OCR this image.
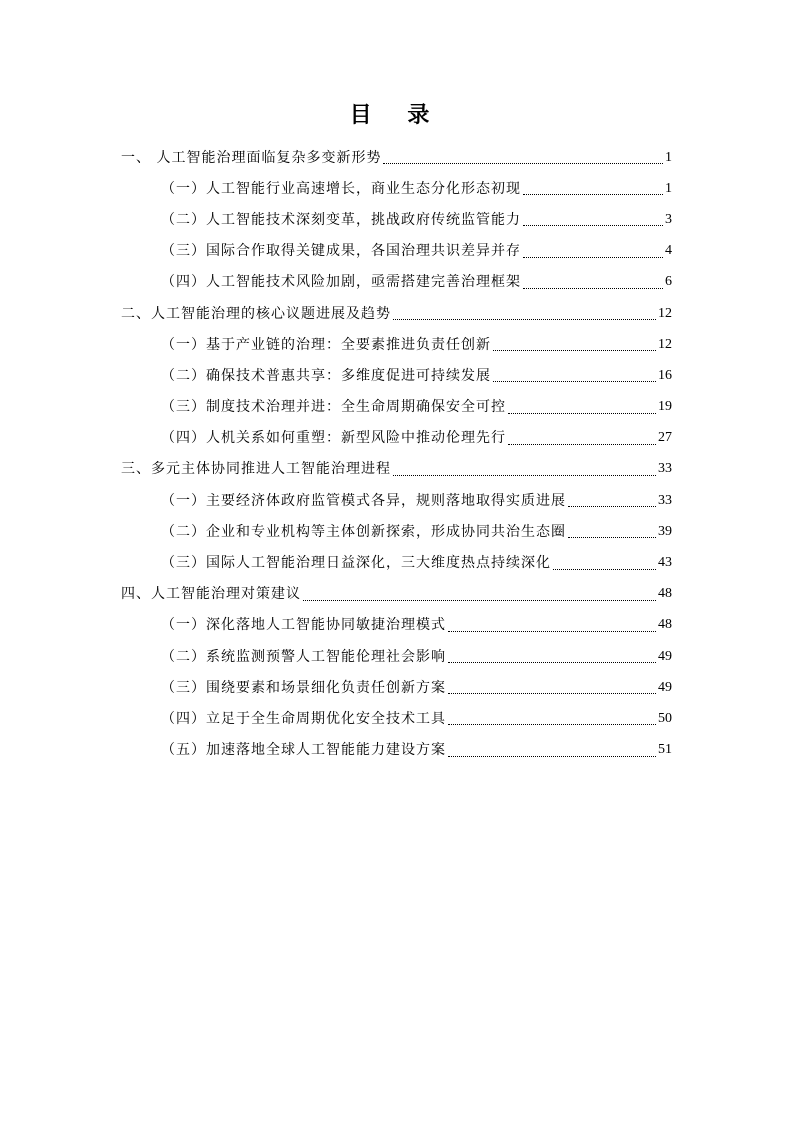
目 录
一、 人工智能治理面临复杂多变新形势	1
（一）人工智能行业高速增长，商业生态分化形态初现	1
（二）人工智能技术深刻变革，挑战政府传统监管能力	3
（三）国际合作取得关键成果，各国治理共识差异并存	4
（四）人工智能技术风险加剧，亟需搭建完善治理框架	6
二、人工智能治理的核心议题进展及趋势	12
（一）基于产业链的治理：全要素推进负责任创新	12
（二）确保技术普惠共享：多维度促进可持续发展	16
（三）制度技术治理并进：全生命周期确保安全可控	19
（四）人机关系如何重塑：新型风险中推动伦理先行	27
三、多元主体协同推进人工智能治理进程	33
（一）主要经济体政府监管模式各异，规则落地取得实质进展	33
（二）企业和专业机构等主体创新探索，形成协同共治生态圈	39
（三）国际人工智能治理日益深化，三大维度热点持续深化	43
四、人工智能治理对策建议	48
（一）深化落地人工智能协同敏捷治理模式	48
（二）系统监测预警人工智能伦理社会影响	49
（三）围绕要素和场景细化负责任创新方案	49
（四）立足于全生命周期优化安全技术工具	50
（五）加速落地全球人工智能能力建设方案	51
